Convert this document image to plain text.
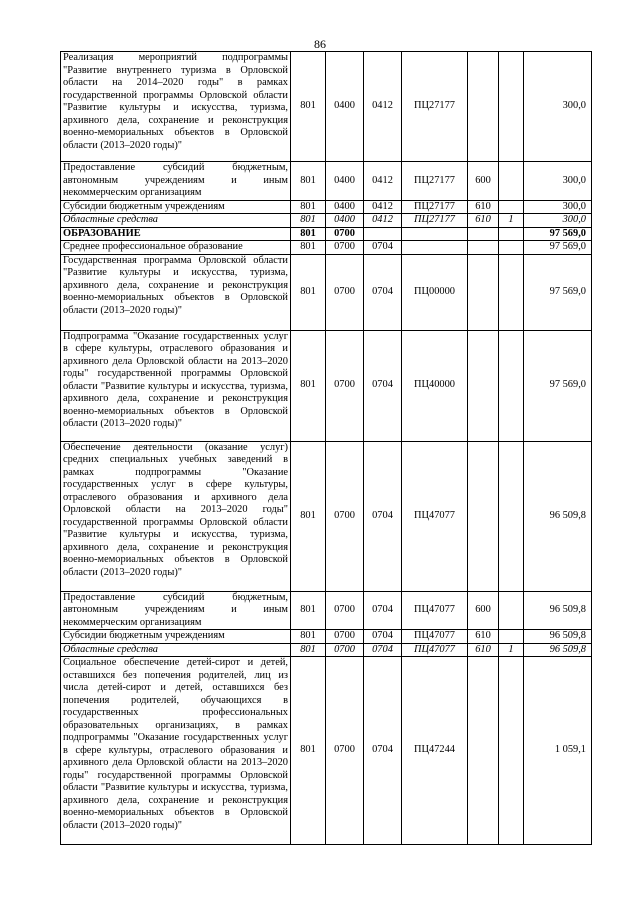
86
Реализация мероприятий подпрограммы "Развитие внутреннего туризма в Орловской области на 2014–2020 годы" в рамках государственной программы Орловской области "Развитие культуры и искусства, туризма, архивного дела, сохранение и реконструкция военно-мемориальных объектов в Орловской области (2013–2020 годы)"	801	0400	0412	ПЦ27177			300,0
Предоставление субсидий бюджетным, автономным учреждениям и иным некоммерческим организациям	801	0400	0412	ПЦ27177	600		300,0
Субсидии бюджетным учреждениям	801	0400	0412	ПЦ27177	610		300,0
Областные средства	801	0400	0412	ПЦ27177	610	1	300,0
ОБРАЗОВАНИЕ	801	0700					97 569,0
Среднее профессиональное образование	801	0700	0704				97 569,0
Государственная программа Орловской области "Развитие культуры и искусства, туризма, архивного дела, сохранение и реконструкция военно-мемориальных объектов в Орловской области (2013–2020 годы)"	801	0700	0704	ПЦ00000			97 569,0
Подпрограмма "Оказание государственных услуг в сфере культуры, отраслевого образования и архивного дела Орловской области на 2013–2020 годы" государственной программы Орловской области "Развитие культуры и искусства, туризма, архивного дела, сохранение и реконструкция военно-мемориальных объектов в Орловской области (2013–2020 годы)"	801	0700	0704	ПЦ40000			97 569,0
Обеспечение деятельности (оказание услуг) средних специальных учебных заведений в рамках подпрограммы "Оказание государственных услуг в сфере культуры, отраслевого образования и архивного дела Орловской области на 2013–2020 годы" государственной программы Орловской области "Развитие культуры и искусства, туризма, архивного дела, сохранение и реконструкция военно-мемориальных объектов в Орловской области (2013–2020 годы)"	801	0700	0704	ПЦ47077			96 509,8
Предоставление субсидий бюджетным, автономным учреждениям и иным некоммерческим организациям	801	0700	0704	ПЦ47077	600		96 509,8
Субсидии бюджетным учреждениям	801	0700	0704	ПЦ47077	610		96 509,8
Областные средства	801	0700	0704	ПЦ47077	610	1	96 509,8
Социальное обеспечение детей-сирот и детей, оставшихся без попечения родителей, лиц из числа детей-сирот и детей, оставшихся без попечения родителей, обучающихся в государственных профессиональных образовательных организациях, в рамках подпрограммы "Оказание государственных услуг в сфере культуры, отраслевого образования и архивного дела Орловской области на 2013–2020 годы" государственной программы Орловской области "Развитие культуры и искусства, туризма, архивного дела, сохранение и реконструкция военно-мемориальных объектов в Орловской области (2013–2020 годы)"	801	0700	0704	ПЦ47244			1 059,1
